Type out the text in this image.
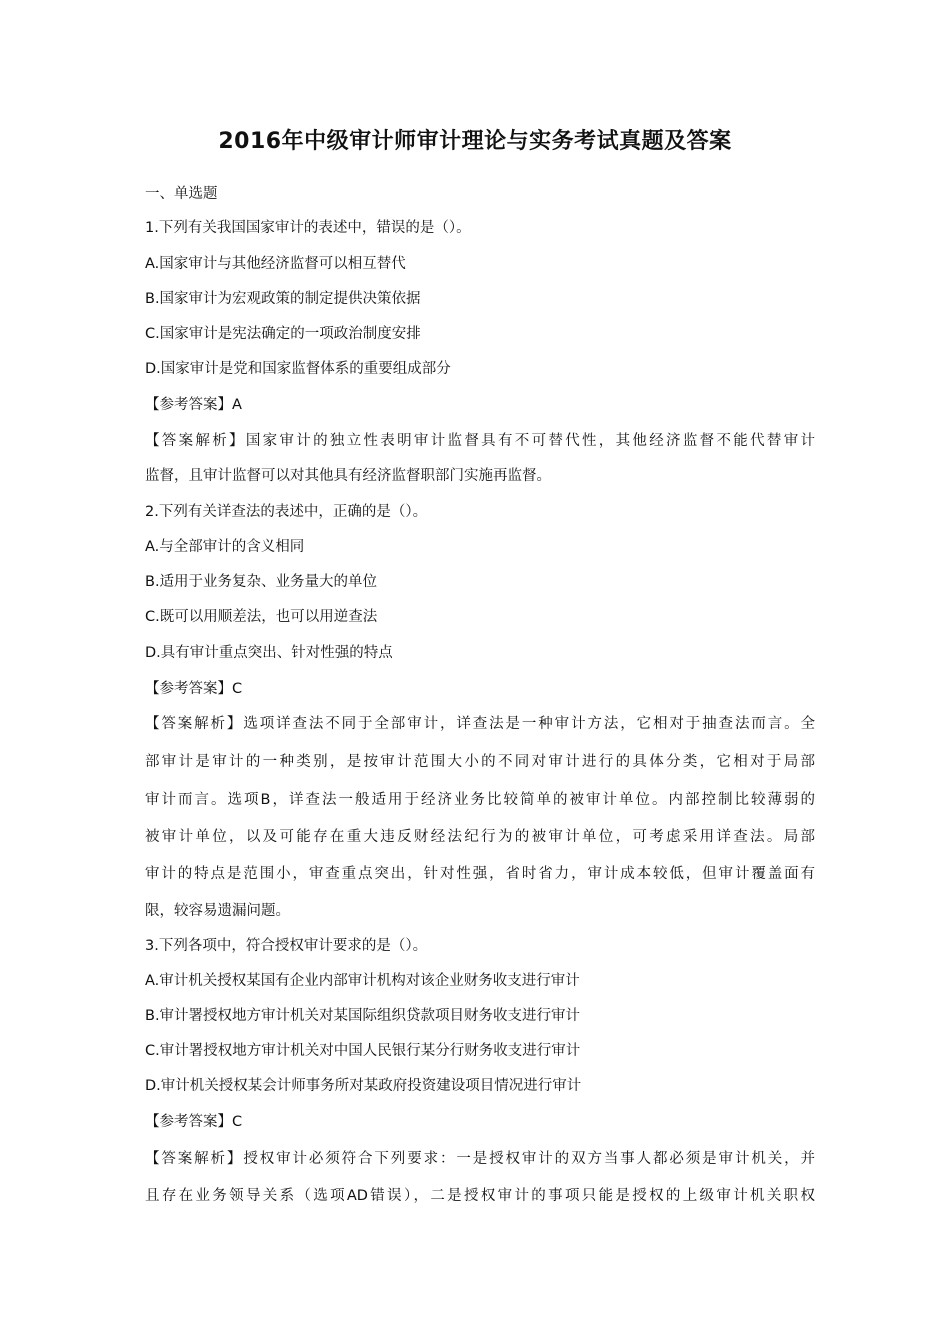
2016年中级审计师审计理论与实务考试真题及答案
一、单选题
1.下列有关我国国家审计的表述中，错误的是（）。
A.国家审计与其他经济监督可以相互替代
B.国家审计为宏观政策的制定提供决策依据
C.国家审计是宪法确定的一项政治制度安排
D.国家审计是党和国家监督体系的重要组成部分
【参考答案】A
【答案解析】国家审计的独立性表明审计监督具有不可替代性，其他经济监督不能代替审计
监督，且审计监督可以对其他具有经济监督职部门实施再监督。
2.下列有关详查法的表述中，正确的是（）。
A.与全部审计的含义相同
B.适用于业务复杂、业务量大的单位
C.既可以用顺差法，也可以用逆查法
D.具有审计重点突出、针对性强的特点
【参考答案】C
【答案解析】选项详查法不同于全部审计，详查法是一种审计方法，它相对于抽查法而言。全
部审计是审计的一种类别，是按审计范围大小的不同对审计进行的具体分类，它相对于局部
审计而言。选项B，详查法一般适用于经济业务比较简单的被审计单位。内部控制比较薄弱的
被审计单位，以及可能存在重大违反财经法纪行为的被审计单位，可考虑采用详查法。局部
审计的特点是范围小，审查重点突出，针对性强，省时省力，审计成本较低，但审计覆盖面有
限，较容易遗漏问题。
3.下列各项中，符合授权审计要求的是（）。
A.审计机关授权某国有企业内部审计机构对该企业财务收支进行审计
B.审计署授权地方审计机关对某国际组织贷款项目财务收支进行审计
C.审计署授权地方审计机关对中国人民银行某分行财务收支进行审计
D.审计机关授权某会计师事务所对某政府投资建设项目情况进行审计
【参考答案】C
【答案解析】授权审计必须符合下列要求：一是授权审计的双方当事人都必须是审计机关，并
且存在业务领导关系（选项AD错误），二是授权审计的事项只能是授权的上级审计机关职权
